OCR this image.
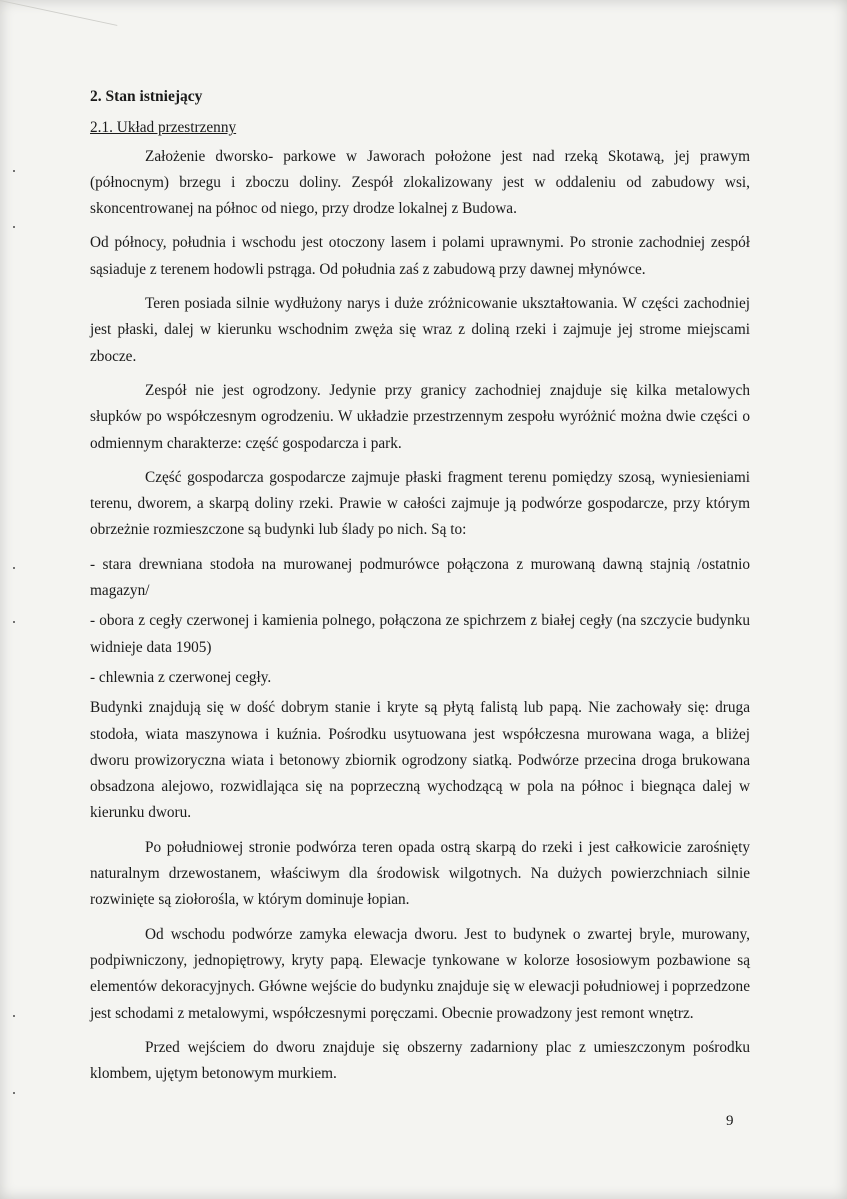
2. Stan istniejący
2.1. Układ przestrzenny

Założenie dworsko- parkowe w Jaworach położone jest nad rzeką Skotawą, jej prawym (północnym) brzegu i zboczu doliny. Zespół zlokalizowany jest w oddaleniu od zabudowy wsi, skoncentrowanej na północ od niego, przy drodze lokalnej z Budowa.

Od północy, południa i wschodu jest otoczony lasem i polami uprawnymi. Po stronie zachodniej zespół sąsiaduje z terenem hodowli pstrąga. Od południa zaś z zabudową przy dawnej młynówce.

Teren posiada silnie wydłużony narys i duże zróżnicowanie ukształtowania. W części zachodniej jest płaski, dalej w kierunku wschodnim zwęża się wraz z doliną rzeki i zajmuje jej strome miejscami zbocze.

Zespół nie jest ogrodzony. Jedynie przy granicy zachodniej znajduje się kilka metalowych słupków po współczesnym ogrodzeniu. W układzie przestrzennym zespołu wyróżnić można dwie części o odmiennym charakterze: część gospodarcza i park.

Część gospodarcza gospodarcze zajmuje płaski fragment terenu pomiędzy szosą, wyniesieniami terenu, dworem, a skarpą doliny rzeki. Prawie w całości zajmuje ją podwórze gospodarcze, przy którym obrzeżnie rozmieszczone są budynki lub ślady po nich. Są to:

- stara drewniana stodoła na murowanej podmurówce połączona z murowaną dawną stajnią /ostatnio magazyn/

- obora z cegły czerwonej i kamienia polnego, połączona ze spichrzem z białej cegły (na szczycie budynku widnieje data 1905)

- chlewnia z czerwonej cegły.

Budynki znajdują się w dość dobrym stanie i kryte są płytą falistą lub papą. Nie zachowały się: druga stodoła, wiata maszynowa i kuźnia. Pośrodku usytuowana jest współczesna murowana waga, a bliżej dworu prowizoryczna wiata i betonowy zbiornik ogrodzony siatką. Podwórze przecina droga brukowana obsadzona alejowo, rozwidlająca się na poprzeczną wychodzącą w pola na północ i biegnąca dalej w kierunku dworu.

Po południowej stronie podwórza teren opada ostrą skarpą do rzeki i jest całkowicie zarośnięty naturalnym drzewostanem, właściwym dla środowisk wilgotnych. Na dużych powierzchniach silnie rozwinięte są ziołorośla, w którym dominuje łopian.

Od wschodu podwórze zamyka elewacja dworu. Jest to budynek o zwartej bryle, murowany, podpiwniczony, jednopiętrowy, kryty papą. Elewacje tynkowane w kolorze łososiowym pozbawione są elementów dekoracyjnych. Główne wejście do budynku znajduje się w elewacji południowej i poprzedzone jest schodami z metalowymi, współczesnymi poręczami. Obecnie prowadzony jest remont wnętrz.

Przed wejściem do dworu znajduje się obszerny zadarniony plac z umieszczonym pośrodku klombem, ujętym betonowym murkiem.

9
